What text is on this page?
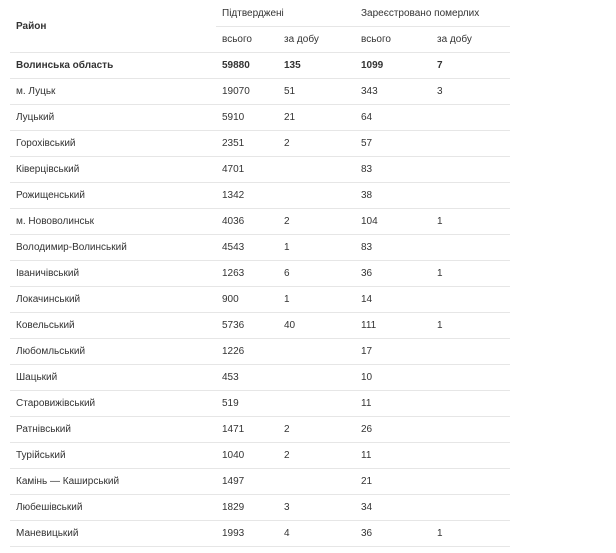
Район	Підтверджені		Зареєстровано померлих	
	всього	за добу	всього	за добу
Волинська область	59880	135	1099	7
м. Луцьк	19070	51	343	3
Луцький	5910	21	64	
Горохівський	2351	2	57	
Ківерцівський	4701		83	
Рожищенський	1342		38	
м. Нововолинськ	4036	2	104	1
Володимир-Волинський	4543	1	83	
Іваничівський	1263	6	36	1
Локачинський	900	1	14	
Ковельський	5736	40	111	1
Любомльський	1226		17	
Шацький	453		10	
Старовижівський	519		11	
Ратнівський	1471	2	26	
Турійський	1040	2	11	
Камінь — Каширський	1497		21	
Любешівський	1829	3	34	
Маневицький	1993	4	36	1
